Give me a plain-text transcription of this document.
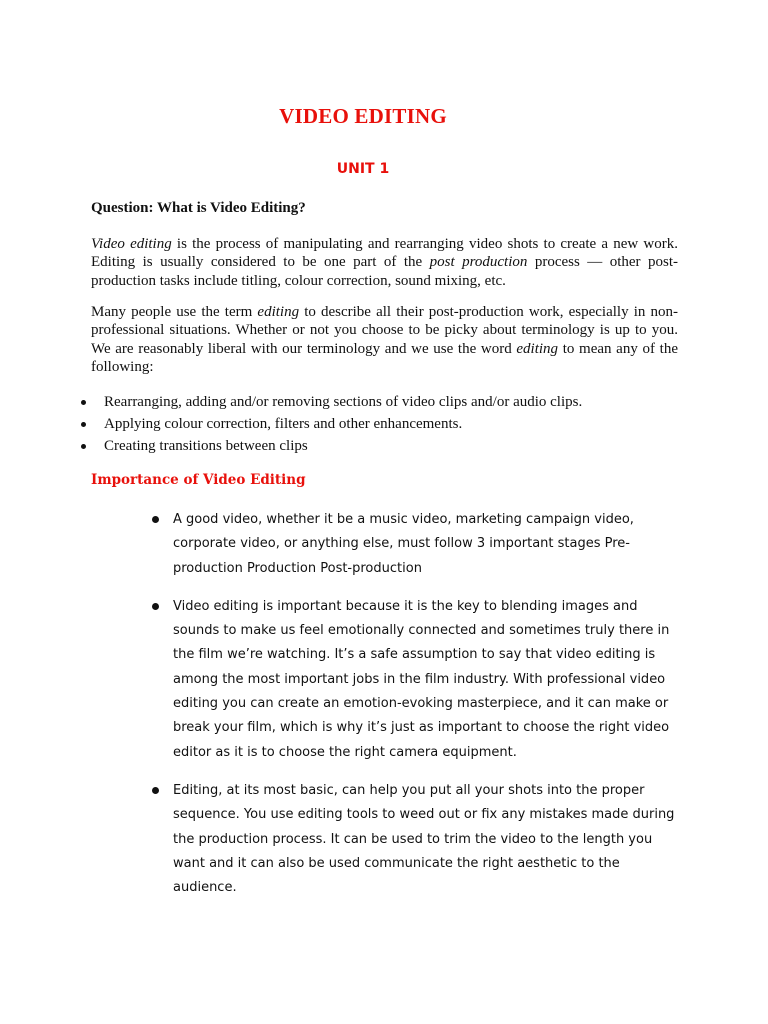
VIDEO EDITING
UNIT 1

Question: What is Video Editing?

Video editing is the process of manipulating and rearranging video shots to create a new work. Editing is usually considered to be one part of the post production process — other post-production tasks include titling, colour correction, sound mixing, etc.

Many people use the term editing to describe all their post-production work, especially in non-professional situations. Whether or not you choose to be picky about terminology is up to you. We are reasonably liberal with our terminology and we use the word editing to mean any of the following:

Rearranging, adding and/or removing sections of video clips and/or audio clips.
Applying colour correction, filters and other enhancements.
Creating transitions between clips
Importance of Video Editing
A good video, whether it be a music video, marketing campaign video, corporate video, or anything else, must follow 3 important stages Pre-production Production Post-production
Video editing is important because it is the key to blending images and sounds to make us feel emotionally connected and sometimes truly there in the film we’re watching. It’s a safe assumption to say that video editing is among the most important jobs in the film industry. With professional video editing you can create an emotion-evoking masterpiece, and it can make or break your film, which is why it’s just as important to choose the right video editor as it is to choose the right camera equipment.
Editing, at its most basic, can help you put all your shots into the proper sequence. You use editing tools to weed out or fix any mistakes made during the production process. It can be used to trim the video to the length you want and it can also be used communicate the right aesthetic to the audience.
